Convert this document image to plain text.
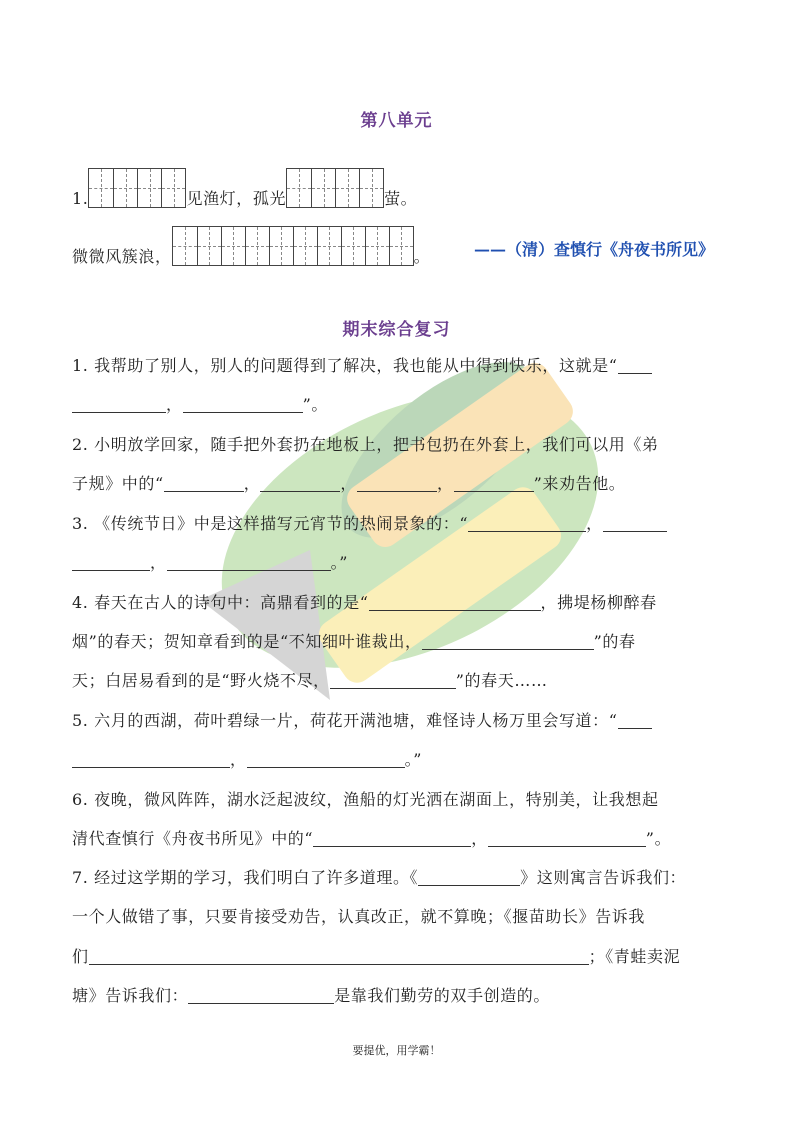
第八单元
1.	见渔灯，孤光	萤。
微微风簇浪，	。	——（清）查慎行《舟夜书所见》
期末综合复习
1. 我帮助了别人，别人的问题得到了解决，我也能从中得到快乐，这就是“
，	”。
2. 小明放学回家，随手把外套扔在地板上，把书包扔在外套上，我们可以用《弟
子规》中的“	，	，	，	”来劝告他。
3. 《传统节日》中是这样描写元宵节的热闹景象的：“	，
，	。”
4. 春天在古人的诗句中：高鼎看到的是“	，拂堤杨柳醉春
烟”的春天；贺知章看到的是“不知细叶谁裁出，	”的春
天；白居易看到的是“野火烧不尽，	”的春天……
5. 六月的西湖，荷叶碧绿一片，荷花开满池塘，难怪诗人杨万里会写道：“
，	。”
6. 夜晚，微风阵阵，湖水泛起波纹，渔船的灯光洒在湖面上，特别美，让我想起
清代查慎行《舟夜书所见》中的“	，	”。
7. 经过这学期的学习，我们明白了许多道理。《	》这则寓言告诉我们：
一个人做错了事，只要肯接受劝告，认真改正，就不算晚；《揠苗助长》告诉我
们	；《青蛙卖泥
塘》告诉我们：	是靠我们勤劳的双手创造的。
要提优，用学霸！
